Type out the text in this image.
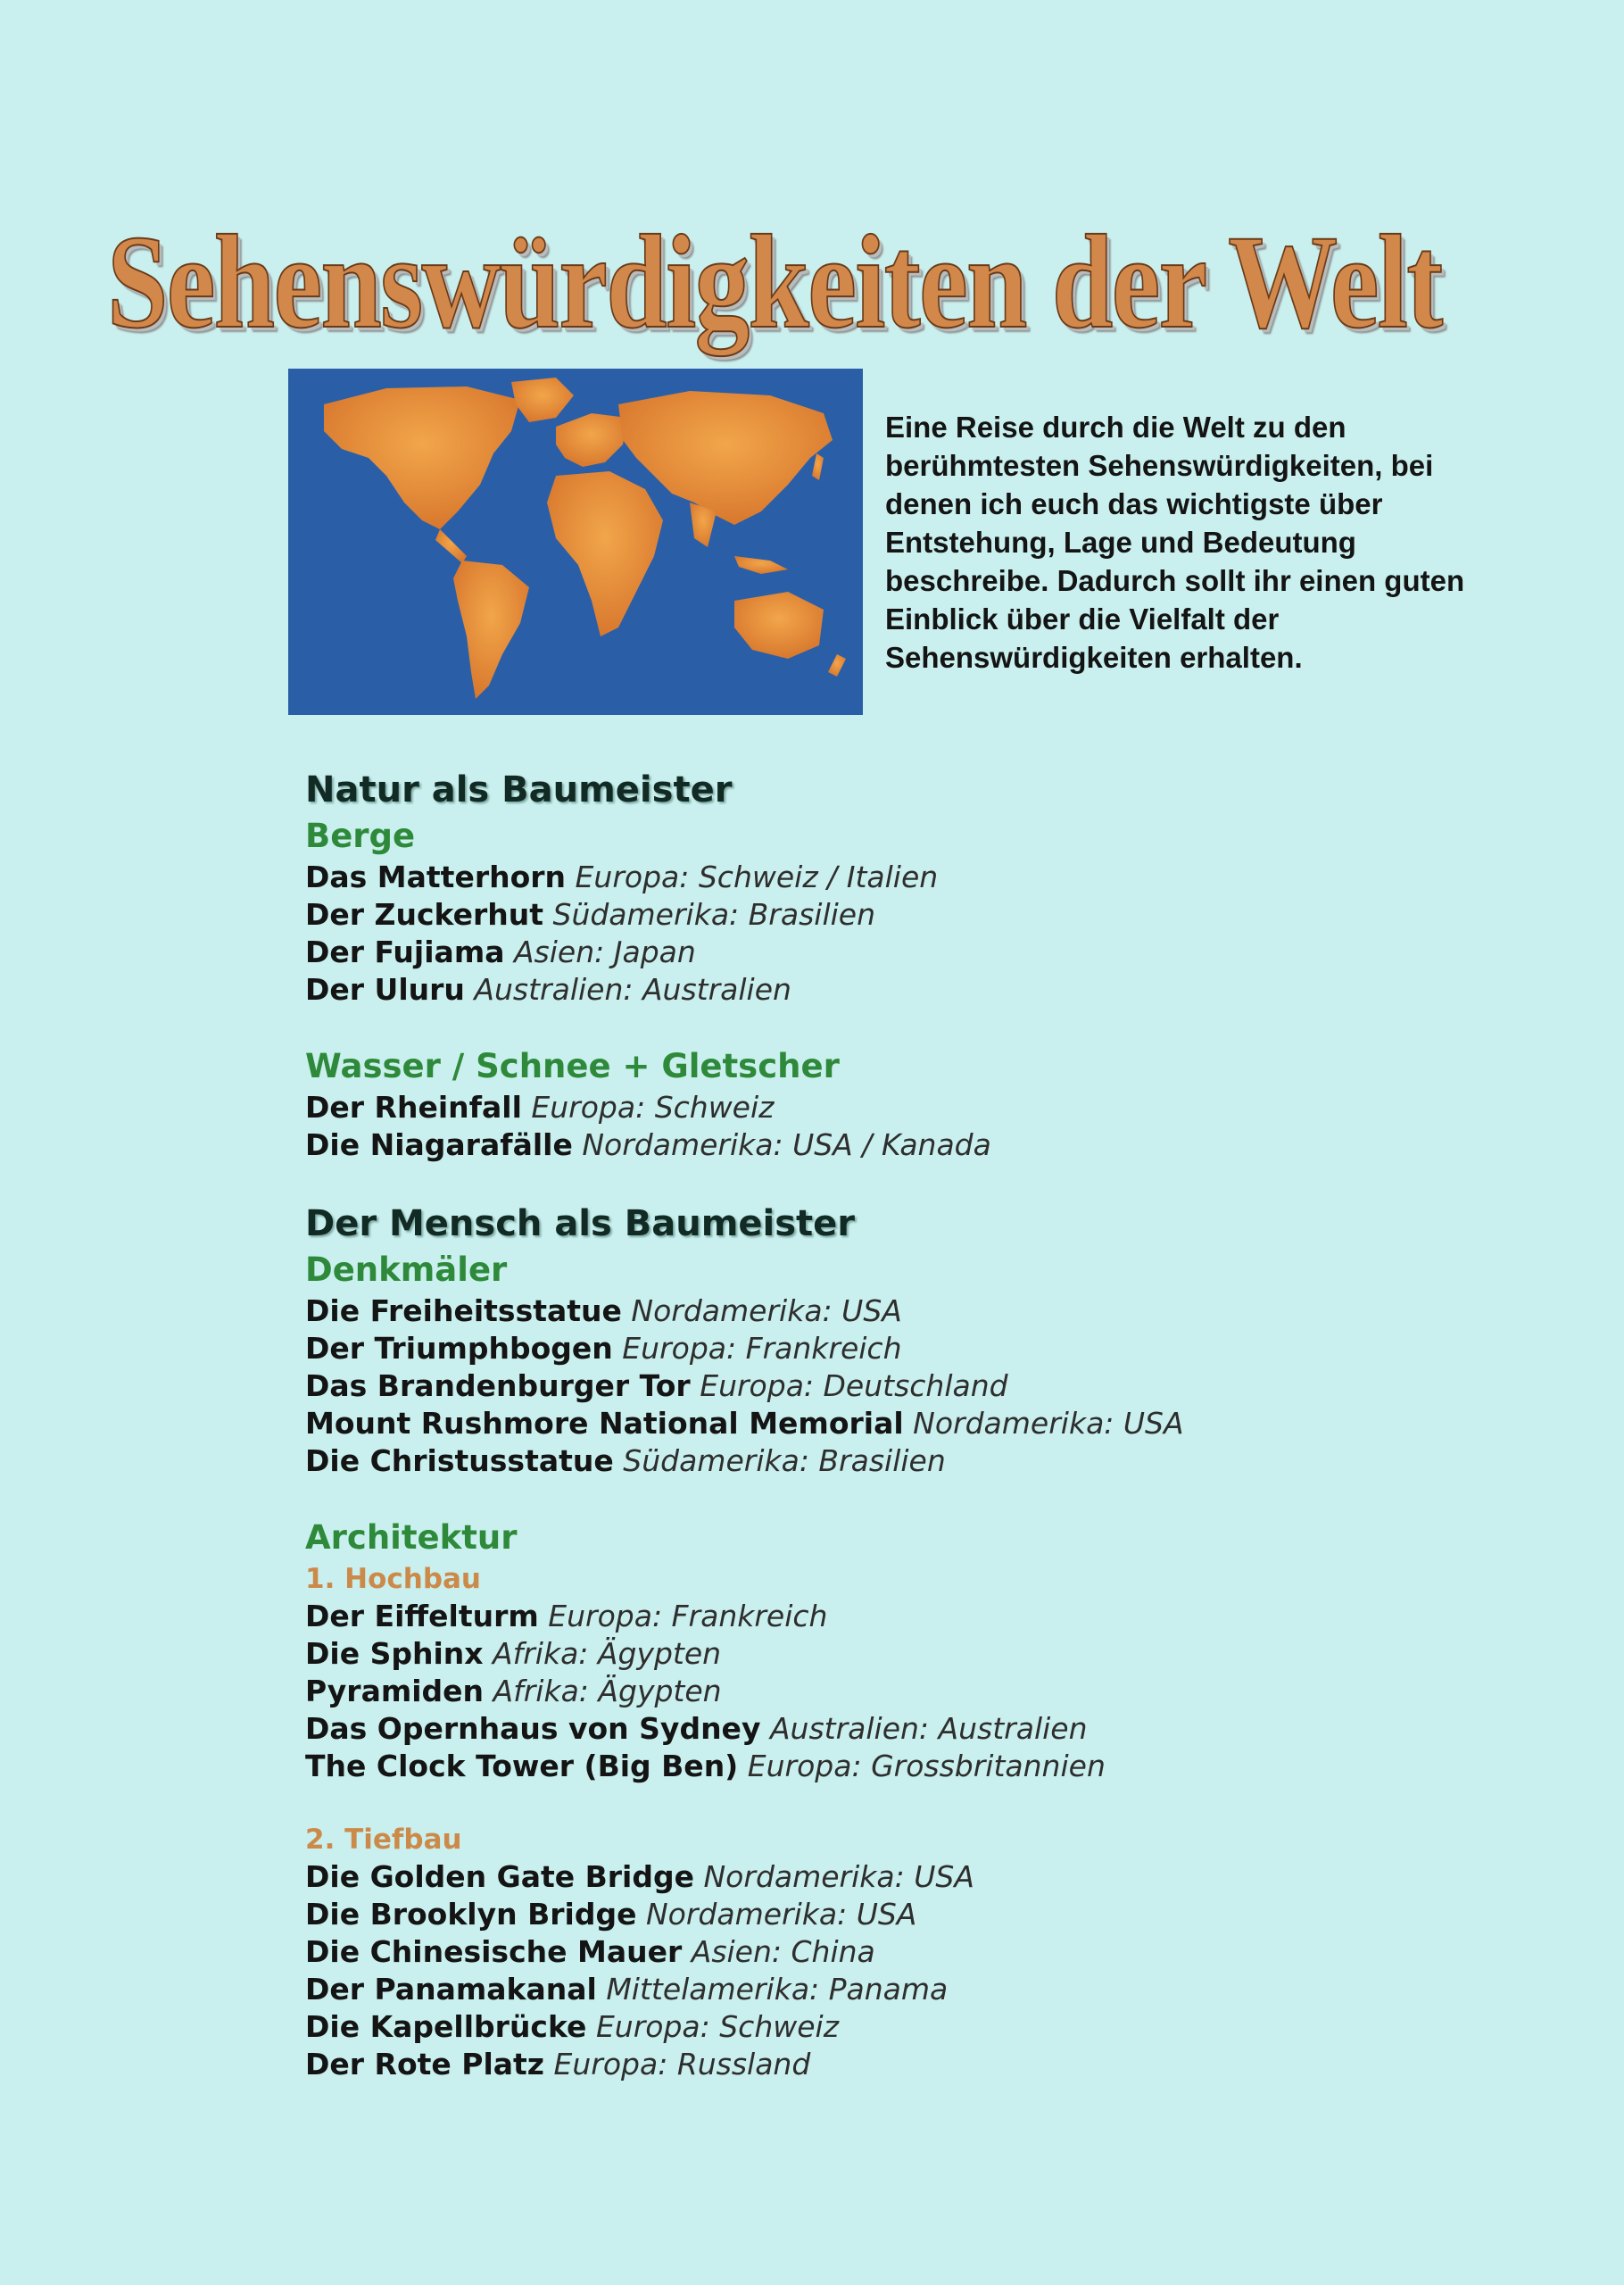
Sehenswürdigkeiten der Welt

Eine Reise durch die Welt zu den berühmtesten Sehenswürdigkeiten, bei denen ich euch das wichtigste über Entstehung, Lage und Bedeutung beschreibe. Dadurch sollt ihr einen guten Einblick über die Vielfalt der Sehenswürdigkeiten erhalten.

Natur als Baumeister
Berge
Das Matterhorn Europa: Schweiz / Italien
Der Zuckerhut Südamerika: Brasilien
Der Fujiama Asien: Japan
Der Uluru Australien: Australien
Wasser / Schnee + Gletscher
Der Rheinfall Europa: Schweiz
Die Niagarafälle Nordamerika: USA / Kanada
Der Mensch als Baumeister
Denkmäler
Die Freiheitsstatue Nordamerika: USA
Der Triumphbogen Europa: Frankreich
Das Brandenburger Tor Europa: Deutschland
Mount Rushmore National Memorial Nordamerika: USA
Die Christusstatue Südamerika: Brasilien
Architektur
1. Hochbau
Der Eiffelturm Europa: Frankreich
Die Sphinx Afrika: Ägypten
Pyramiden Afrika: Ägypten
Das Opernhaus von Sydney Australien: Australien
The Clock Tower (Big Ben) Europa: Grossbritannien
2. Tiefbau
Die Golden Gate Bridge Nordamerika: USA
Die Brooklyn Bridge Nordamerika: USA
Die Chinesische Mauer Asien: China
Der Panamakanal Mittelamerika: Panama
Die Kapellbrücke Europa: Schweiz
Der Rote Platz Europa: Russland
